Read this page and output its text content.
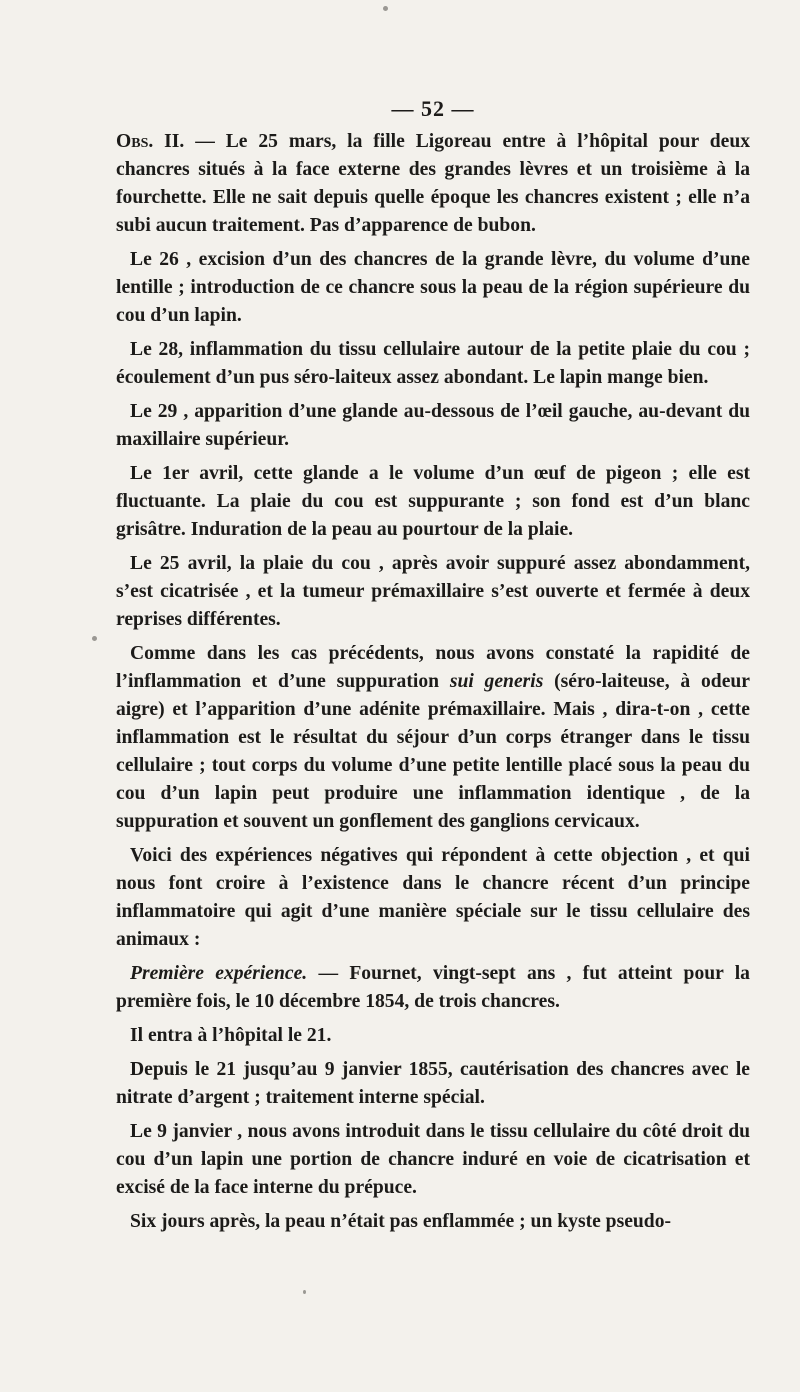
— 52 —

Obs. II. — Le 25 mars, la fille Ligoreau entre à l’hôpital pour deux chancres situés à la face externe des grandes lèvres et un troisième à la fourchette. Elle ne sait depuis quelle époque les chancres existent ; elle n’a subi aucun traitement. Pas d’apparence de bubon.

Le 26 , excision d’un des chancres de la grande lèvre, du volume d’une lentille ; introduction de ce chancre sous la peau de la région supérieure du cou d’un lapin.

Le 28, inflammation du tissu cellulaire autour de la petite plaie du cou ; écoulement d’un pus séro-laiteux assez abondant. Le lapin mange bien.

Le 29 , apparition d’une glande au-dessous de l’œil gauche, au-devant du maxillaire supérieur.

Le 1er avril, cette glande a le volume d’un œuf de pigeon ; elle est fluctuante. La plaie du cou est suppurante ; son fond est d’un blanc grisâtre. Induration de la peau au pourtour de la plaie.

Le 25 avril, la plaie du cou , après avoir suppuré assez abondamment, s’est cicatrisée , et la tumeur prémaxillaire s’est ouverte et fermée à deux reprises différentes.

Comme dans les cas précédents, nous avons constaté la rapidité de l’inflammation et d’une suppuration sui generis (séro-laiteuse, à odeur aigre) et l’apparition d’une adénite prémaxillaire. Mais , dira-t-on , cette inflammation est le résultat du séjour d’un corps étranger dans le tissu cellulaire ; tout corps du volume d’une petite lentille placé sous la peau du cou d’un lapin peut produire une inflammation identique , de la suppuration et souvent un gonflement des ganglions cervicaux.

Voici des expériences négatives qui répondent à cette objection , et qui nous font croire à l’existence dans le chancre récent d’un principe inflammatoire qui agit d’une manière spéciale sur le tissu cellulaire des animaux :

Première expérience. — Fournet, vingt-sept ans , fut atteint pour la première fois, le 10 décembre 1854, de trois chancres.

Il entra à l’hôpital le 21.

Depuis le 21 jusqu’au 9 janvier 1855, cautérisation des chancres avec le nitrate d’argent ; traitement interne spécial.

Le 9 janvier , nous avons introduit dans le tissu cellulaire du côté droit du cou d’un lapin une portion de chancre induré en voie de cicatrisation et excisé de la face interne du prépuce.

Six jours après, la peau n’était pas enflammée ; un kyste pseudo-
